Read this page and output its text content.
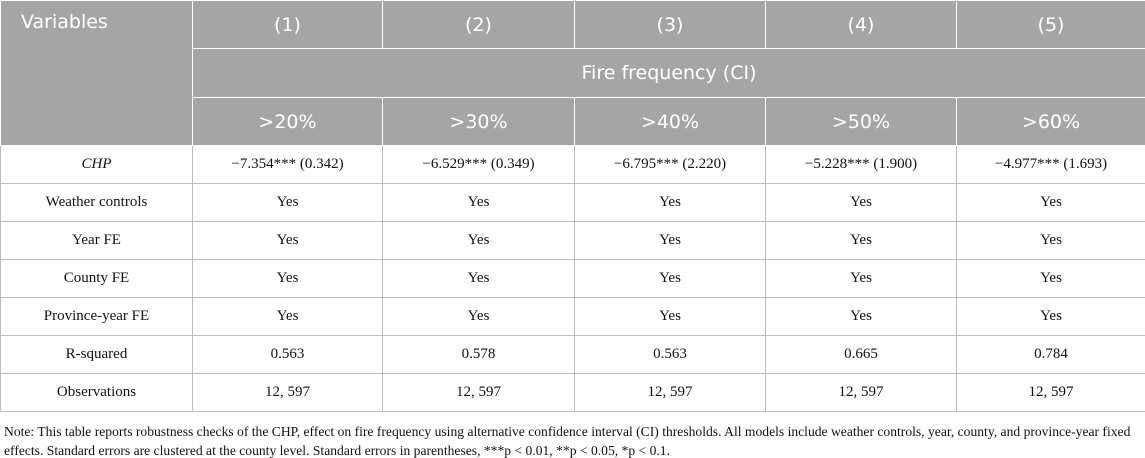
Variables	(1)	(2)	(3)	(4)	(5)
	Fire frequency (CI)				
	>20%	>30%	>40%	>50%	>60%
CHP	−7.354*** (0.342)	−6.529*** (0.349)	−6.795*** (2.220)	−5.228*** (1.900)	−4.977*** (1.693)
Weather controls	Yes	Yes	Yes	Yes	Yes
Year FE	Yes	Yes	Yes	Yes	Yes
County FE	Yes	Yes	Yes	Yes	Yes
Province-year FE	Yes	Yes	Yes	Yes	Yes
R-squared	0.563	0.578	0.563	0.665	0.784
Observations	12, 597	12, 597	12, 597	12, 597	12, 597

Note: This table reports robustness checks of the CHP, effect on fire frequency using alternative confidence interval (CI) thresholds. All models include weather controls, year, county, and province-year fixed effects. Standard errors are clustered at the county level. Standard errors in parentheses, ***p < 0.01, **p < 0.05, *p < 0.1.
